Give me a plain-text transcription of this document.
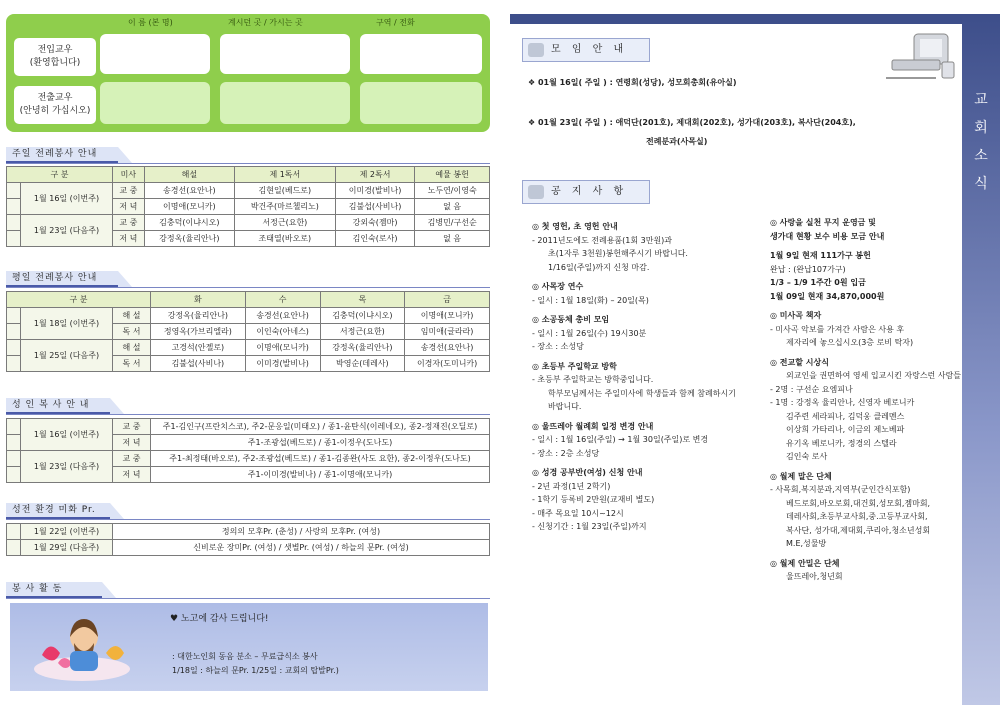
이 름 (본 명)	계시던 곳 / 가시는 곳	구역 / 전화
전입교우
(환영합니다)
전출교우
(안녕히 가십시오)
주일 전례봉사 안내
구 분		미사	해설	제 1독서	제 2독서	예물 봉헌
	1월 16일 (이번주)	교 중	송경선(요안나)	김현일(베드로)	이미경(발비나)	노두연/이영숙
		저 녁	이명애(모니카)	박건주(마르첼리노)	김불섭(사비나)	없 음
	1월 23일 (다음주)	교 중	김충덕(이냐시오)	서정근(요한)	강외숙(젬마)	김병민/구선순
		저 녁	강정옥(율리안나)	조태열(바오로)	김인숙(로사)	없 음
평일 전례봉사 안내
구 분			화	수	목	금
	1월 18일 (이번주)	해 설	강정옥(율리안나)	송경선(요안나)	김충덕(이냐시오)	이명애(모니카)
		독 서	정영옥(가브리엘라)	이인숙(아네스)	서정근(요한)	임미애(글라라)
	1월 25일 (다음주)	해 설	고경석(안젤로)	이명애(모니카)	강정옥(율리안나)	송경선(요안나)
		독 서	김불섭(사비나)	이미경(발비나)	박영순(데레사)	이경자(도미니카)
성 인 복 사 안 내
	1월 16일 (이번주)	교 중	주1-김인구(프란치스코), 주2-문응일(미태오) / 종1-윤탄식(이레네오), 종2-정재진(오딜로)
		저 녁	주1-조광섭(베드로) / 종1-이정우(도나도)
	1월 23일 (다음주)	교 중	주1-최정태(바오로), 주2-조광섭(베드로) / 종1-김종완(사도 요한), 종2-이정우(도나도)
		저 녁	주1-이미경(발비나) / 종1-이명애(모니카)
성전 환경 미화 Pr.
	1월 22일 (이번주)	정의의 모후Pr. (춘성) / 사랑의 모후Pr. (여성)
	1월 29일 (다음주)	신비로운 장미Pr. (여성) / 샛별Pr. (여성) / 하늘의 문Pr. (여성)
봉 사 활 동
♥ 노고에 감사 드립니다!
: 대한노인회 동음 분소 – 무료급식소 봉사
1/18일 : 하늘의 문Pr. 1/25일 : 교회의 탑발Pr.)
교
회
소
식
모 임 안 내
❖ 01월 16일( 주일 ) : 연령회(성당), 성모회총회(유아실)
❖ 01월 23일( 주일 ) : 애덕단(201호), 제대회(202호), 성가대(203호), 복사단(204호),
전례분과(사목실)
공 지 사 항
◎ 첫 영헌, 초 영헌 안내
- 2011년도에도 전례용품(1회 3만원)과
초(1자루 3천원)봉헌해주시기 바랍니다.
1/16일(주일)까지 신청 마감.
◎ 사목장 연수
- 일시 : 1월 18일(화) – 20일(목)
◎ 소공동체 총비 모임
- 일시 : 1월 26일(수) 19시30분
- 장소 : 소성당
◎ 초등부 주일학교 방학
- 초등부 주일학교는 방학중입니다.
학부모님께서는 주일미사에 학생들과 함께 참례하시기
바랍니다.
◎ 울뜨레아 월례회 일정 변경 안내
- 일시 : 1월 16일(주일) → 1월 30일(주일)로 변경
- 장소 : 2층 소성당
◎ 성경 공부반(여성) 신청 안내
- 2년 과정(1년 2학기)
- 1학기 등록비 2만원(교재비 별도)
- 매주 목요일 10시~12시
- 신청기간 : 1월 23일(주일)까지
◎ 사랑을 실천 무지 운영금 및
생가대 현황 보수 비용 모금 안내
1월 9일 현재 111가구 봉헌
완납 : (완납107가구)
1/3 – 1/9 1주간 0원 입금
1월 09일 현재 34,870,000원
◎ 미사곡 책자
- 미사곡 악보를 가져간 사람은 사용 후
제자리에 놓으십시오(3층 로비 탁자)
◎ 전교할 시상식
외교인을 권면하여 영세 입교시킨 자랑스런 사람들
- 2명 : 구선순 요엠피나
- 1명 : 강정옥 율리안나, 신영자 베로니카
김주련 세라피나, 김덕웅 클레멘스
이상희 가타리나, 이금의 제노베파
유기옥 베로니카, 정경의 스텔라
김인숙 로사
◎ 월제 말은 단체
- 사목회,복지분과,지역부(군인간식포함)
베드로회,바오로회,대건회,성모회,젬마회,
데레사회,초등부교사회,중.고등부교사회,
복사단, 성가대,제대회,쿠리아,청소년성회
M.E,성물방
◎ 월제 안밀은 단체
울뜨레아,청년회
